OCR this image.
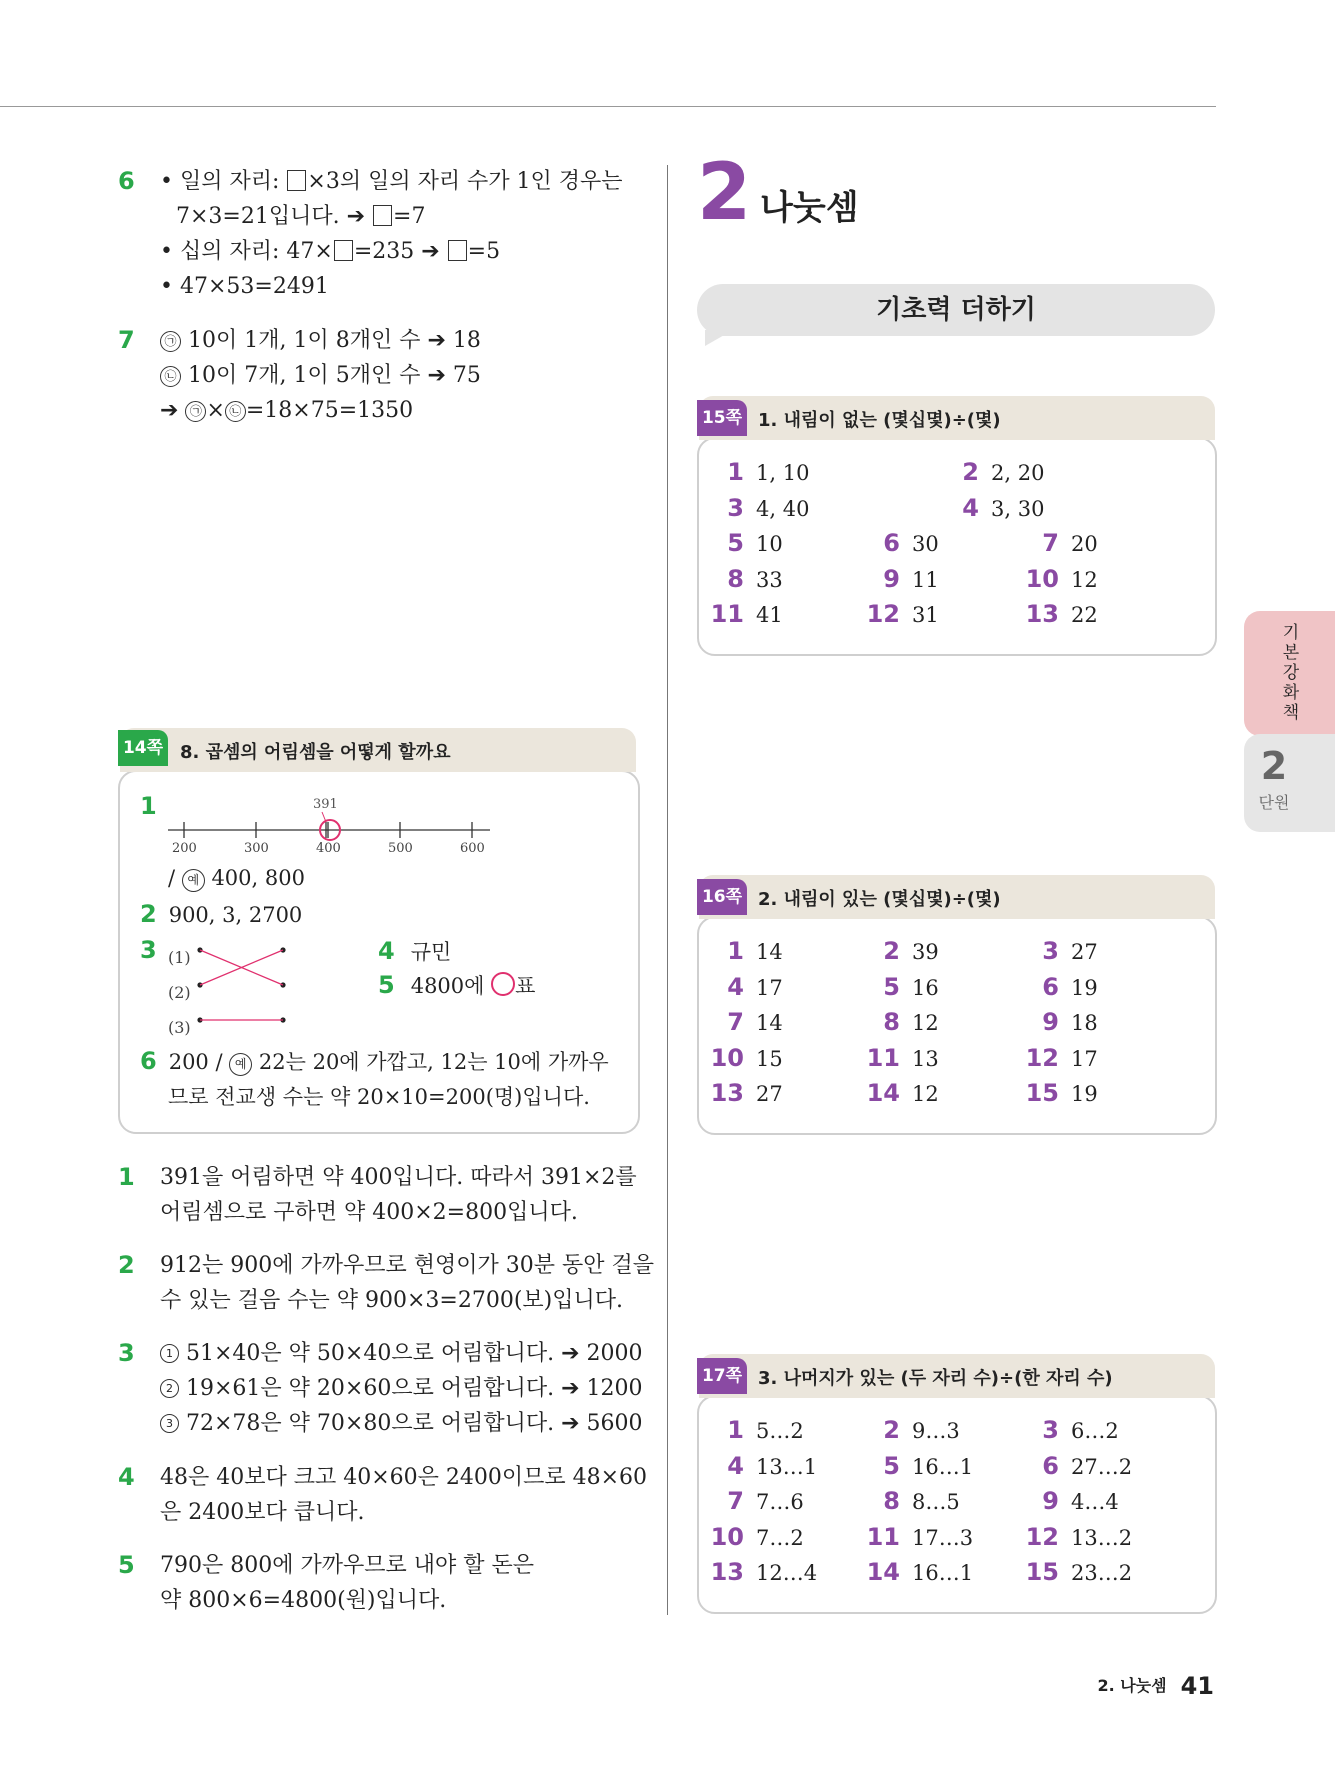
6 • 일의 자리: ×3의 일의 자리 수가 1인 경우는
7×3=21입니다. ➔ =7
• 십의 자리: 47× =235 ➔ =5
• 47×53=2491
7	㉠ 10이 1개, 1이 8개인 수 ➔ 18
㉡ 10이 7개, 1이 5개인 수 ➔ 75
➔ ㉠ × ㉡ =18×75=1350
14쪽 8. 곱셈의 어림셈을 어떻게 할까요
1
200	300	400	500	600
391
/ 예 400, 800
2 900, 3, 2700
3 (1)
(2)
(3)
4 규민
5 4800에 ○표
6 200 / 예 22는 20에 가깝고, 12는 10에 가까우
므로 전교생 수는 약 20×10=200(명)입니다.
1 391을 어림하면 약 400입니다. 따라서 391×2를
어림셈으로 구하면 약 400×2=800입니다.
2 912는 900에 가까우므로 현영이가 30분 동안 걸을
수 있는 걸음 수는 약 900×3=2700(보)입니다.
3	1 51×40은 약 50×40으로 어림합니다. ➔ 2000
2 19×61은 약 20×60으로 어림합니다. ➔ 1200
3 72×78은 약 70×80으로 어림합니다. ➔ 5600
4 48은 40보다 크고 40×60은 2400이므로 48×60
은 2400보다 큽니다.
5 790은 800에 가까우므로 내야 할 돈은
약 800×6=4800(원)입니다.
2 나눗셈
기초력 더하기
15쪽 1. 내림이 없는 (몇십몇)÷(몇)
1 1, 10	2 2, 20
3 4, 40	4 3, 30
5 10	6 30	7 20
8 33	9 11	10 12
11 41	12 31	13 22
16쪽 2. 내림이 있는 (몇십몇)÷(몇)
1 14	2 39	3 27
4 17	5 16	6 19
7 14	8 12	9 18
10 15	11 13	12 17
13 27	14 12	15 19
17쪽 3. 나머지가 있는 (두 자리 수)÷(한 자리 수)
1 5…2	2 9…3	3 6…2
4 13…1	5 16…1	6 27…2
7 7…6	8 8…5	9 4…4
10 7…2	11 17…3 12 13…2
13 12…4 14 16…1 15 23…2
기
본
강
화
책
2
단원
2. 나눗셈 41
